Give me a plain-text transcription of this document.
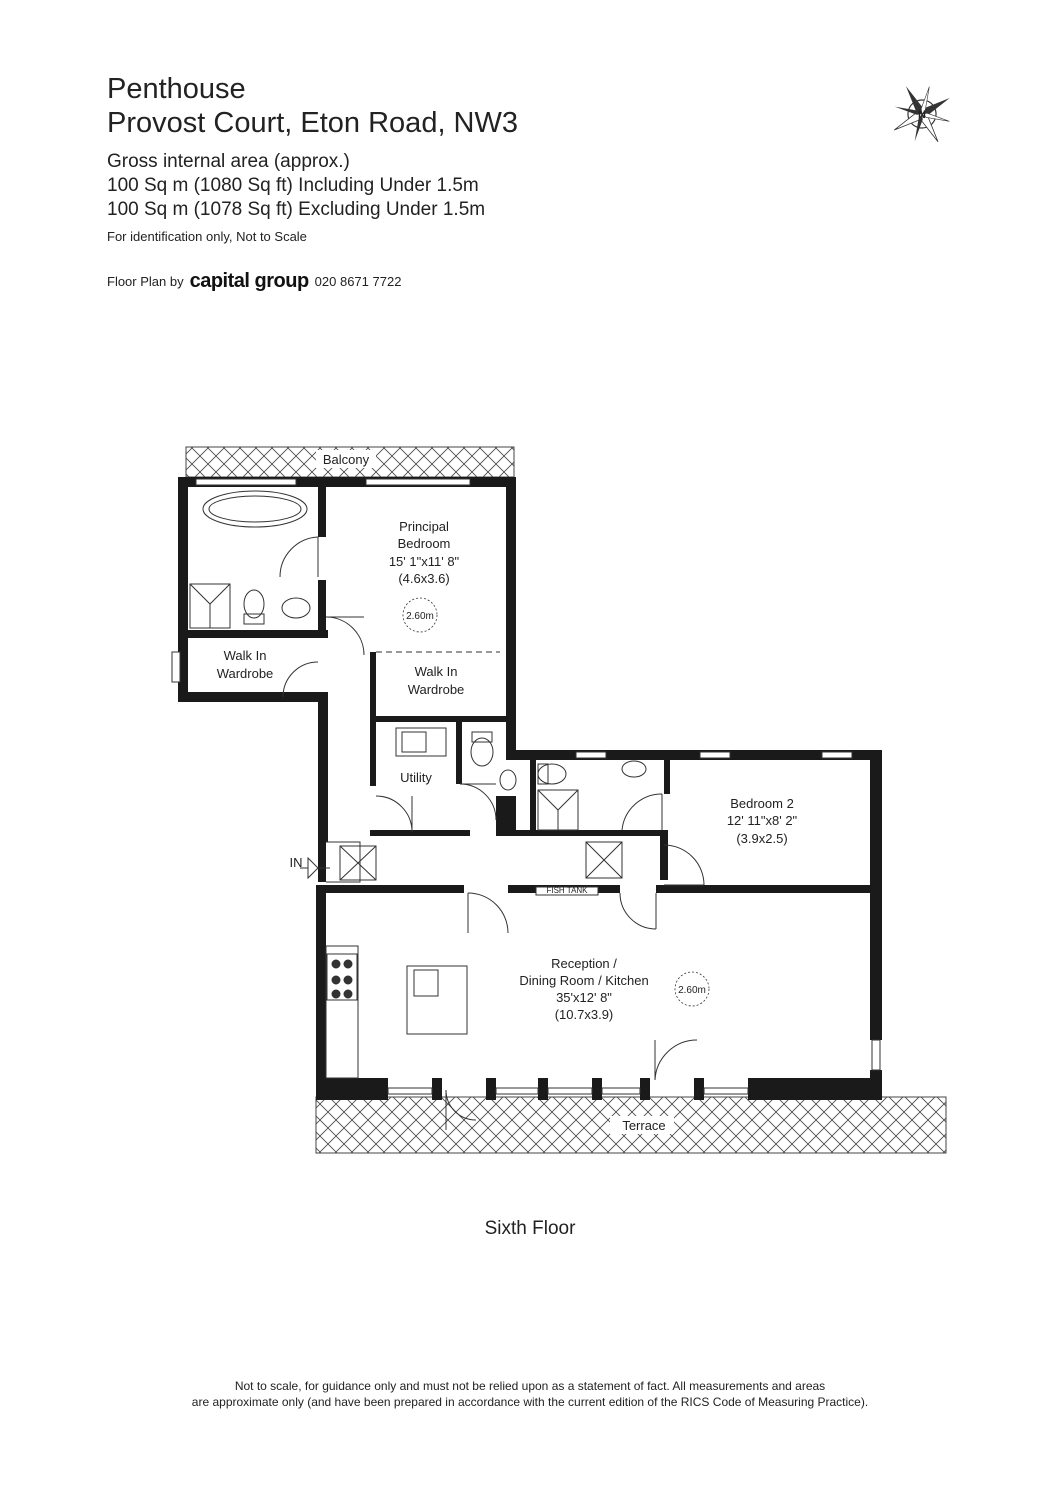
Penthouse
Provost Court, Eton Road, NW3
Gross internal area (approx.)
100 Sq m (1080 Sq ft) Including Under 1.5m
100 Sq m (1078 Sq ft) Excluding Under 1.5m
For identification only, Not to Scale
Floor Plan by capital group 020 8671 7722
N
Balcony
Principal
Bedroom
15' 1"x11' 8"
(4.6x3.6)
2.60m
Walk In
Wardrobe	Walk In
Wardrobe
Utility
IN
Bedroom 2
12' 11"x8' 2"
(3.9x2.5)
FISH TANK
Reception /
Dining Room / Kitchen
35'x12' 8"
(10.7x3.9)
2.60m
Terrace
Sixth Floor
Not to scale, for guidance only and must not be relied upon as a statement of fact. All measurements and areas
are approximate only (and have been prepared in accordance with the current edition of the RICS Code of Measuring Practice).
